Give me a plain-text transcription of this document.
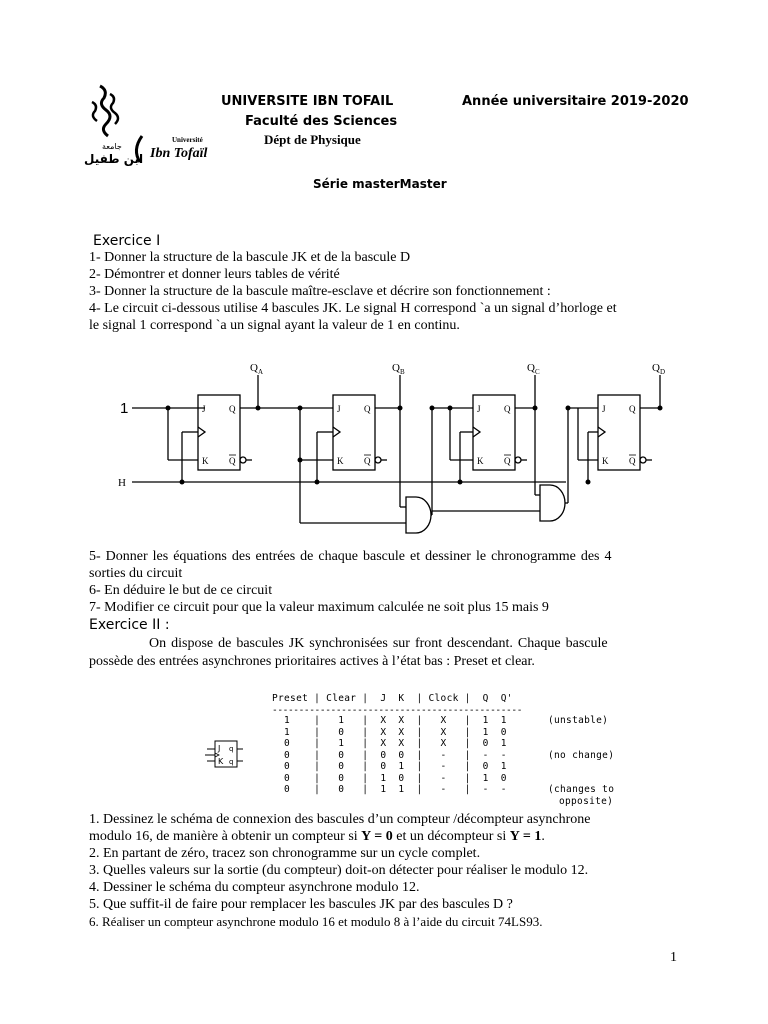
Université
Ibn Tofaïl
جامعة
ابن طفيل
UNIVERSITE IBN TOFAIL	Année universitaire 2019-2020
Faculté des Sciences
Dépt de Physique
Série masterMaster
Exercice I
1- Donner la structure de la bascule JK et de la bascule D
2- Démontrer et donner leurs tables de vérité
3- Donner la structure de la bascule maître-esclave et décrire son fonctionnement :
4- Le circuit ci-dessous utilise 4 bascules JK. Le signal H correspond `a un signal d’horloge et
le signal 1 correspond `a un signal ayant la valeur de 1 en continu.
1
H
J
K
Q
Q
J
K
Q
Q
J
K
Q
Q
J
K
Q
Q
$Q_A$	$Q_B$	$Q_C$	$Q_D$
5- Donner les équations des entrées de chaque bascule et dessiner le chronogramme des 4
sorties du circuit
6- En déduire le but de ce circuit
7- Modifier ce circuit pour que la valeur maximum calculée ne soit plus 15 mais 9
Exercice II :
On dispose de bascules JK synchronisées sur front descendant. Chaque bascule
possède des entrées asynchrones prioritaires actives à l’état bas : Preset et clear.
J
K
q
q
Preset | Clear |  J  K  | Clock |  Q  Q'
-----------------------------------------------
1    |   1   |  X  X  |   X   |  1  1	(unstable)
1    |   0   |  X  X  |   X   |  1  0
0    |   1   |  X  X  |   X   |  0  1
0    |   0   |  0  0  |   -   |  -  -	(no change)
0    |   0   |  0  1  |   -   |  0  1
0    |   0   |  1  0  |   -   |  1  0
0    |   0   |  1  1  |   -   |  -  -	(changes to
opposite)
1. Dessinez le schéma de connexion des bascules d’un compteur /décompteur asynchrone
modulo 16, de manière à obtenir un compteur si Y = 0 et un décompteur si Y = 1.
2. En partant de zéro, tracez son chronogramme sur un cycle complet.
3. Quelles valeurs sur la sortie (du compteur) doit-on détecter pour réaliser le modulo 12.
4. Dessiner le schéma du compteur asynchrone modulo 12.
5. Que suffit-il de faire pour remplacer les bascules JK par des bascules D ?
6. Réaliser un compteur asynchrone modulo 16 et modulo 8 à l’aide du circuit 74LS93.
1
